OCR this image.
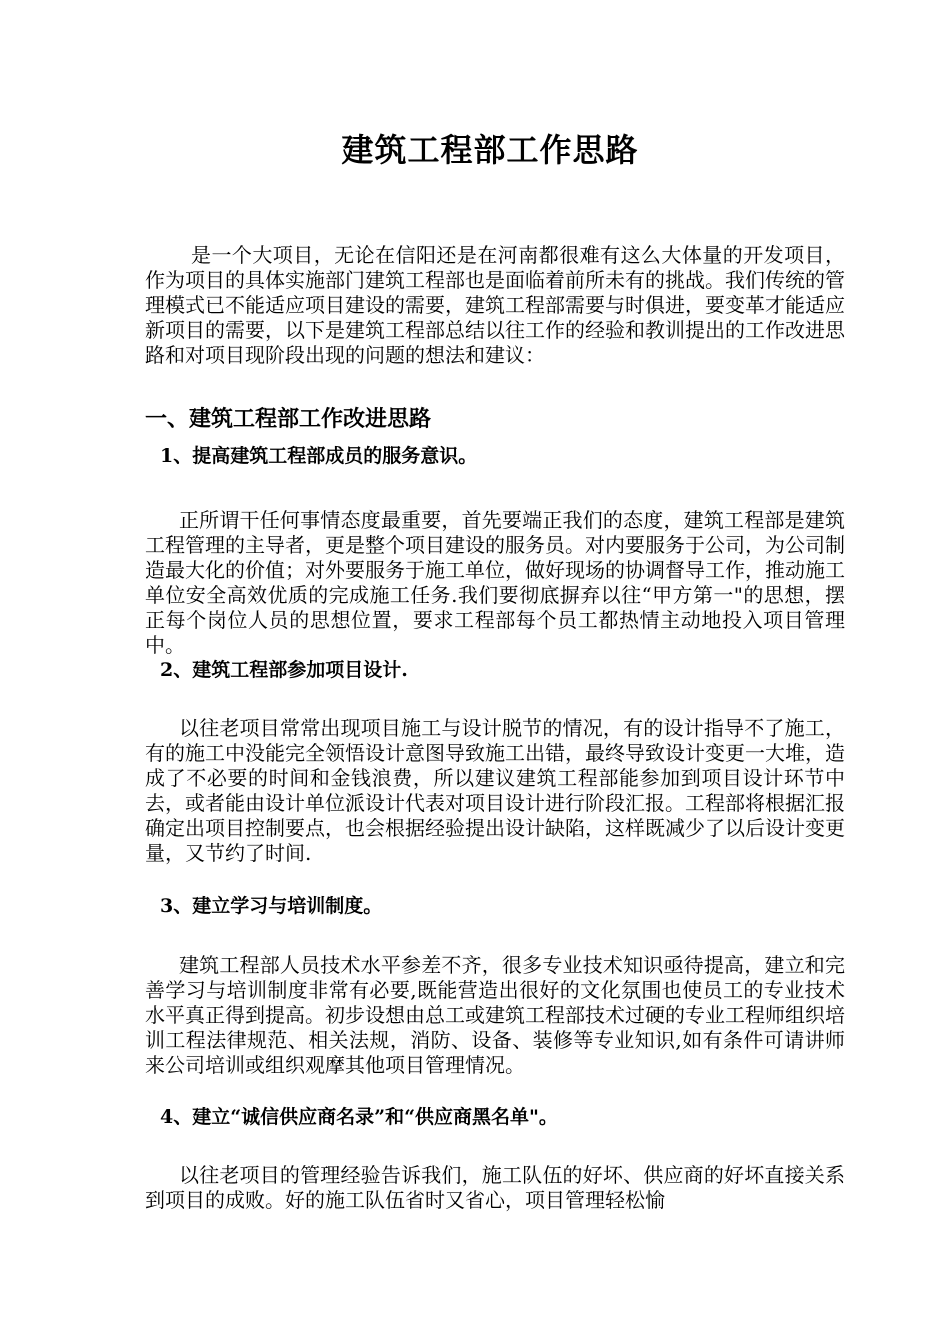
建筑工程部工作思路
是一个大项目，无论在信阳还是在河南都很难有这么大体量的开发项目，作为项目的具体实施部门建筑工程部也是面临着前所未有的挑战。我们传统的管理模式已不能适应项目建设的需要，建筑工程部需要与时俱进，要变革才能适应新项目的需要，以下是建筑工程部总结以往工作的经验和教训提出的工作改进思路和对项目现阶段出现的问题的想法和建议：
一、建筑工程部工作改进思路
1、提高建筑工程部成员的服务意识。
正所谓干任何事情态度最重要，首先要端正我们的态度，建筑工程部是建筑工程管理的主导者，更是整个项目建设的服务员。对内要服务于公司，为公司制造最大化的价值；对外要服务于施工单位，做好现场的协调督导工作，推动施工单位安全高效优质的完成施工任务.我们要彻底摒弃以往“甲方第一"的思想，摆正每个岗位人员的思想位置，要求工程部每个员工都热情主动地投入项目管理中。
2、建筑工程部参加项目设计.
以往老项目常常出现项目施工与设计脱节的情况，有的设计指导不了施工，有的施工中没能完全领悟设计意图导致施工出错，最终导致设计变更一大堆，造成了不必要的时间和金钱浪费，所以建议建筑工程部能参加到项目设计环节中去，或者能由设计单位派设计代表对项目设计进行阶段汇报。工程部将根据汇报确定出项目控制要点，也会根据经验提出设计缺陷，这样既减少了以后设计变更量，又节约了时间.
3、建立学习与培训制度。
建筑工程部人员技术水平参差不齐，很多专业技术知识亟待提高，建立和完善学习与培训制度非常有必要,既能营造出很好的文化氛围也使员工的专业技术水平真正得到提高。初步设想由总工或建筑工程部技术过硬的专业工程师组织培训工程法律规范、相关法规，消防、设备、装修等专业知识,如有条件可请讲师来公司培训或组织观摩其他项目管理情况。
4、建立“诚信供应商名录”和“供应商黑名单"。
以往老项目的管理经验告诉我们，施工队伍的好坏、供应商的好坏直接关系到项目的成败。好的施工队伍省时又省心，项目管理轻松愉
